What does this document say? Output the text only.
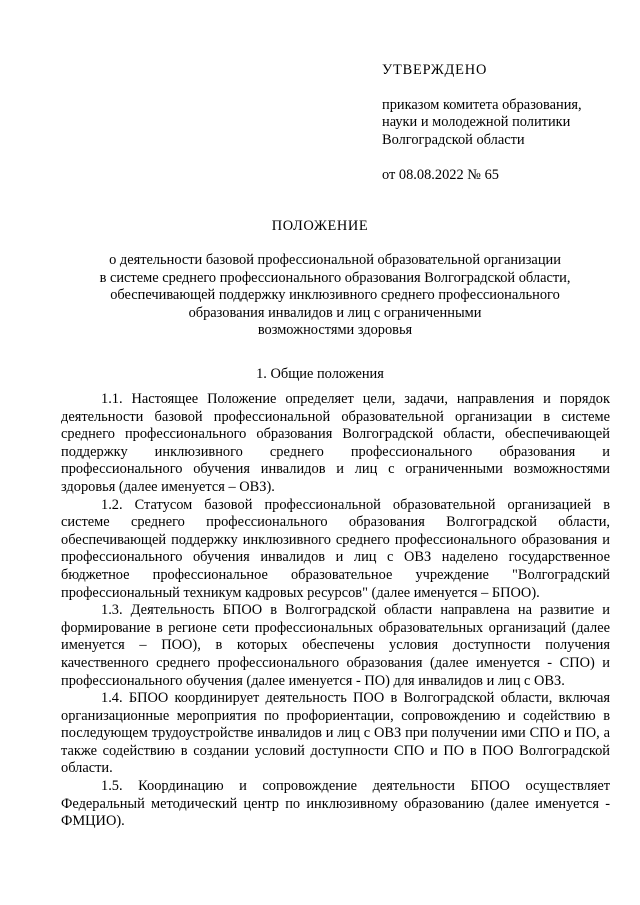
УТВЕРЖДЕНО
приказом комитета образования,
науки и молодежной политики
Волгоградской области
от 08.08.2022 № 65
ПОЛОЖЕНИЕ
о деятельности базовой профессиональной образовательной организации
в системе среднего профессионального образования Волгоградской области,
обеспечивающей поддержку инклюзивного среднего профессионального
образования инвалидов и лиц с ограниченными
возможностями здоровья
1. Общие положения

1.1. Настоящее Положение определяет цели, задачи, направления и порядок деятельности базовой профессиональной образовательной организации в системе среднего профессионального образования Волгоградской области, обеспечивающей поддержку инклюзивного среднего профессионального образования и профессионального обучения инвалидов и лиц с ограниченными возможностями здоровья (далее именуется – ОВЗ).

1.2. Статусом базовой профессиональной образовательной организацией в системе среднего профессионального образования Волгоградской области, обеспечивающей поддержку инклюзивного среднего профессионального образования и профессионального обучения инвалидов и лиц с ОВЗ наделено государственное бюджетное профессиональное образовательное учреждение "Волгоградский профессиональный техникум кадровых ресурсов" (далее именуется – БПОО).

1.3. Деятельность БПОО в Волгоградской области направлена на развитие и формирование в регионе сети профессиональных образовательных организаций (далее именуется – ПОО), в которых обеспечены условия доступности получения качественного среднего профессионального образования (далее именуется - СПО) и профессионального обучения (далее именуется - ПО) для инвалидов и лиц с ОВЗ.

1.4. БПОО координирует деятельность ПОО в Волгоградской области, включая организационные мероприятия по профориентации, сопровождению и содействию в последующем трудоустройстве инвалидов и лиц с ОВЗ при получении ими СПО и ПО, а также содействию в создании условий доступности СПО и ПО в ПОО Волгоградской области.

1.5. Координацию и сопровождение деятельности БПОО осуществляет Федеральный методический центр по инклюзивному образованию (далее именуется - ФМЦИО).
